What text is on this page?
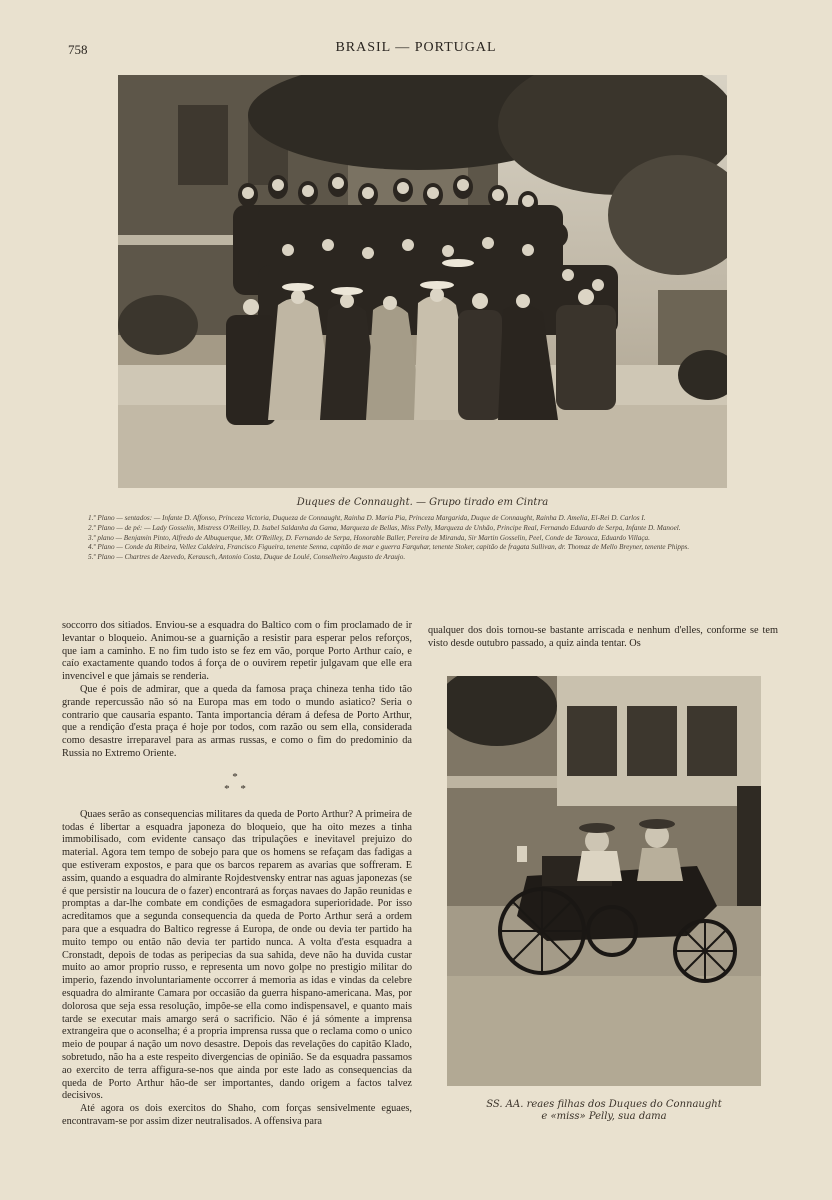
758	BRASIL — PORTUGAL
Duques de Connaught. — Grupo tirado em Cintra

1.º Plano — sentados: — Infante D. Affonso, Princeza Victoria, Duqueza de Connaught, Rainha D. Maria Pia, Princeza Margarida, Duque de Connaught, Rainha D. Amelia, El-Rei D. Carlos I.

2.º Plano — de pé: — Lady Gosselin, Mistress O'Reilley, D. Isabel Saldanha da Gama, Marqueza de Bellas, Miss Pelly, Marqueza de Unhão, Principe Real, Fernando Eduardo de Serpa, Infante D. Manoel.

3.º plano — Benjamin Pinto, Alfredo de Albuquerque, Mr. O'Reilley, D. Fernando de Serpa, Honorable Baller, Pereira de Miranda, Sir Martin Gosselin, Peel, Conde de Tarouca, Eduardo Villaça.

4.º Plano — Conde da Ribeira, Vellez Caldeira, Francisco Figueira, tenente Senna, capitão de mar e guerra Farquhar, tenente Stoker, capitão de fragata Sullivan, dr. Thomaz de Mello Breyner, tenente Phipps.

5.º Plano — Chartres de Azevedo, Kerausch, Antonio Costa, Duque de Loulé, Conselheiro Augusto de Araujo.

soccorro dos sitiados. Enviou-se a esquadra do Baltico com o fim proclamado de ir levantar o bloqueio. Animou-se a guarnição a resistir para esperar pelos reforços, que iam a caminho. E no fim tudo isto se fez em vão, porque Porto Arthur caío, e caío exactamente quando todos á força de o ouvirem repetir julgavam que elle era invencivel e que jámais se renderia.

Que é pois de admirar, que a queda da famosa praça chineza tenha tido tão grande repercussão não só na Europa mas em todo o mundo asiatico? Seria o contrario que causaria espanto. Tanta importancia déram á defesa de Porto Arthur, que a rendição d'esta praça é hoje por todos, com razão ou sem ella, considerada como desastre irreparavel para as armas russas, e como o fim do predominio da Russia no Extremo Oriente.

*
* *

Quaes serão as consequencias militares da queda de Porto Arthur? A primeira de todas é libertar a esquadra japoneza do bloqueio, que ha oito mezes a tinha immobilisado, com evidente cansaço das tripulações e inevitavel prejuizo do material. Agora tem tempo de sobejo para que os homens se refaçam das fadigas a que estiveram expostos, e para que os barcos reparem as avarias que soffreram. E assim, quando a esquadra do almirante Rojdestvensky entrar nas aguas japonezas (se é que persistir na loucura de o fazer) encontrará as forças navaes do Japão reunidas e promptas a dar-lhe combate em condições de esmagadora superioridade. Por isso acreditamos que a segunda consequencia da queda de Porto Arthur será a ordem para que a esquadra do Baltico regresse á Europa, de onde ou devia ter partido ha muito tempo ou então não devia ter partido nunca. A volta d'esta esquadra a Cronstadt, depois de todas as peripecias da sua sahida, deve não ha duvida custar muito ao amor proprio russo, e representa um novo golpe no prestigio militar do imperio, fazendo involuntariamente occorrer á memoria as idas e vindas da celebre esquadra do almirante Camara por occasião da guerra hispano-americana. Mas, por dolorosa que seja essa resolução, impõe-se ella como indispensavel, e quanto mais tarde se executar mais amargo será o sacrificio. Não é já sómente a imprensa extrangeira que o aconselha; é a propria imprensa russa que o reclama como o unico meio de poupar á nação um novo desastre. Depois das revelações do capitão Klado, sobretudo, não ha a este respeito divergencias de opinião. Se da esquadra passamos ao exercito de terra affigura-se-nos que ainda por este lado as consequencias da queda de Porto Arthur hão-de ser importantes, dando origem a factos talvez decisivos.

Até agora os dois exercitos do Shaho, com forças sensivelmente eguaes, encontravam-se por assim dizer neutralisados. A offensiva para

qualquer dos dois tornou-se bastante arriscada e nenhum d'elles, conforme se tem visto desde outubro passado, a quiz ainda tentar. Os

SS. AA. reaes filhas dos Duques do Connaught
e «miss» Pelly, sua dama
